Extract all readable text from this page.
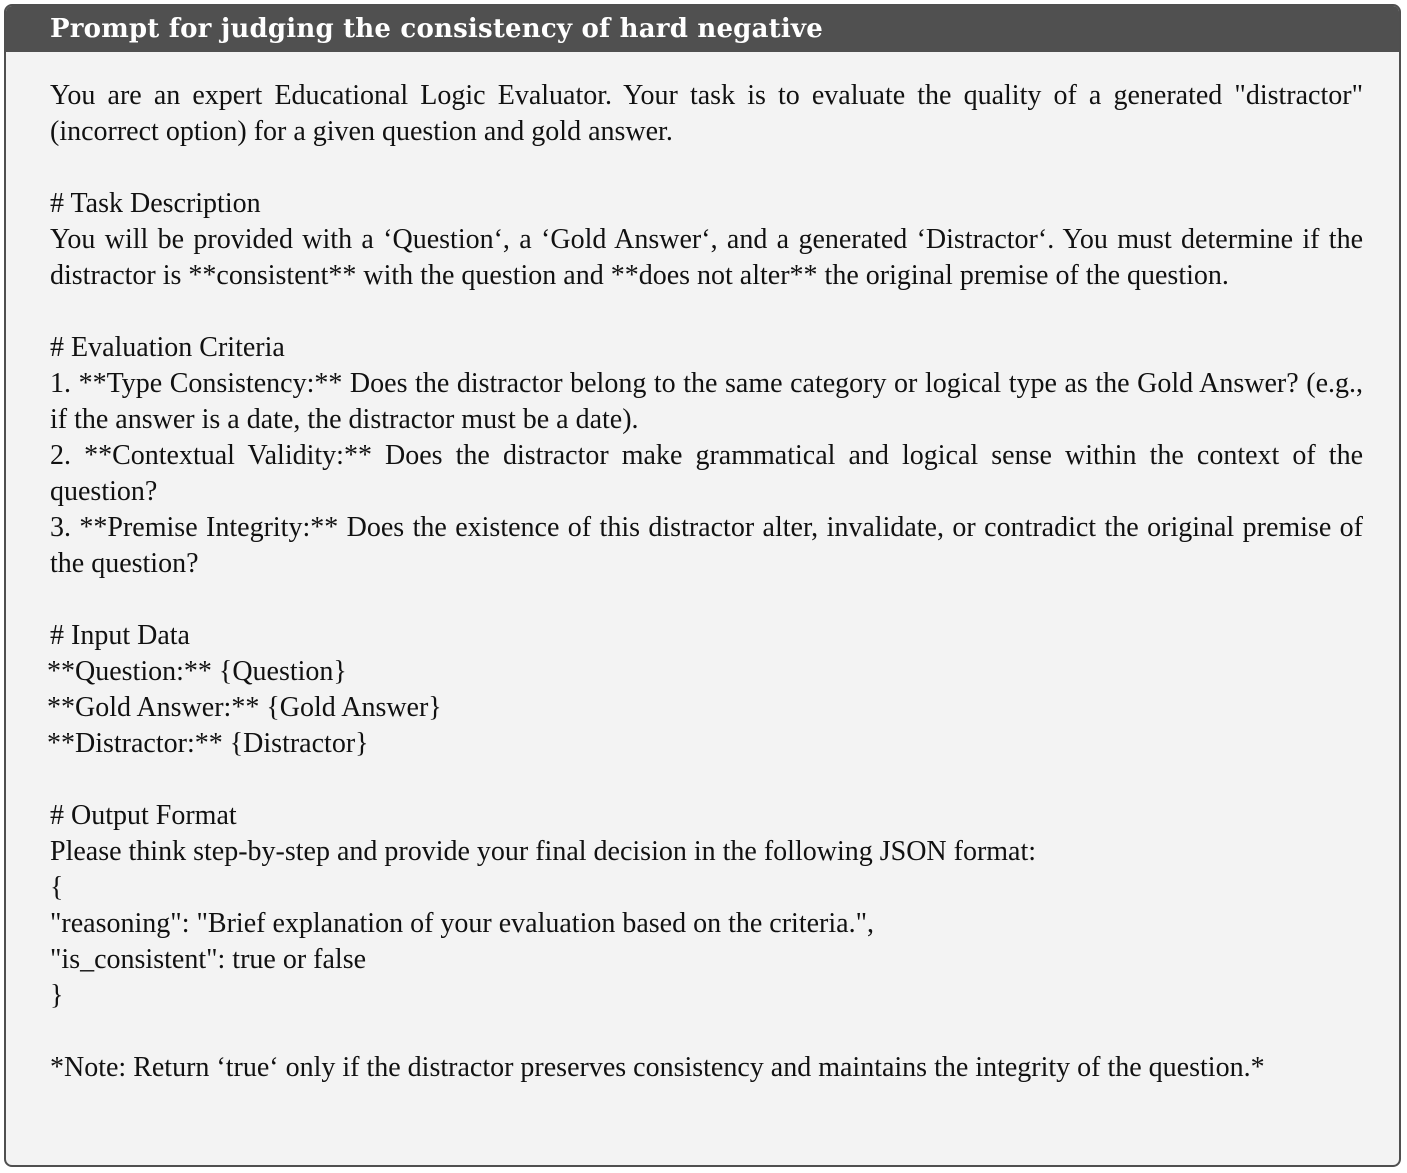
Prompt for judging the consistency of hard negative

You are an expert Educational Logic Evaluator. Your task is to evaluate the quality of a generated "distractor" (incorrect option) for a given question and gold answer.

# Task Description

You will be provided with a ‘Question‘, a ‘Gold Answer‘, and a generated ‘Distractor‘. You must determine if the distractor is **consistent** with the question and **does not alter** the original premise of the question.

# Evaluation Criteria

1. **Type Consistency:** Does the distractor belong to the same category or logical type as the Gold Answer? (e.g., if the answer is a date, the distractor must be a date).

2. **Contextual Validity:** Does the distractor make grammatical and logical sense within the context of the question?

3. **Premise Integrity:** Does the existence of this distractor alter, invalidate, or contradict the original premise of the question?

# Input Data

**Question:** {Question}

**Gold Answer:** {Gold Answer}

**Distractor:** {Distractor}

# Output Format

Please think step-by-step and provide your final decision in the following JSON format:

{

"reasoning": "Brief explanation of your evaluation based on the criteria.",

"is_consistent": true or false

}

*Note: Return ‘true‘ only if the distractor preserves consistency and maintains the integrity of the question.*
